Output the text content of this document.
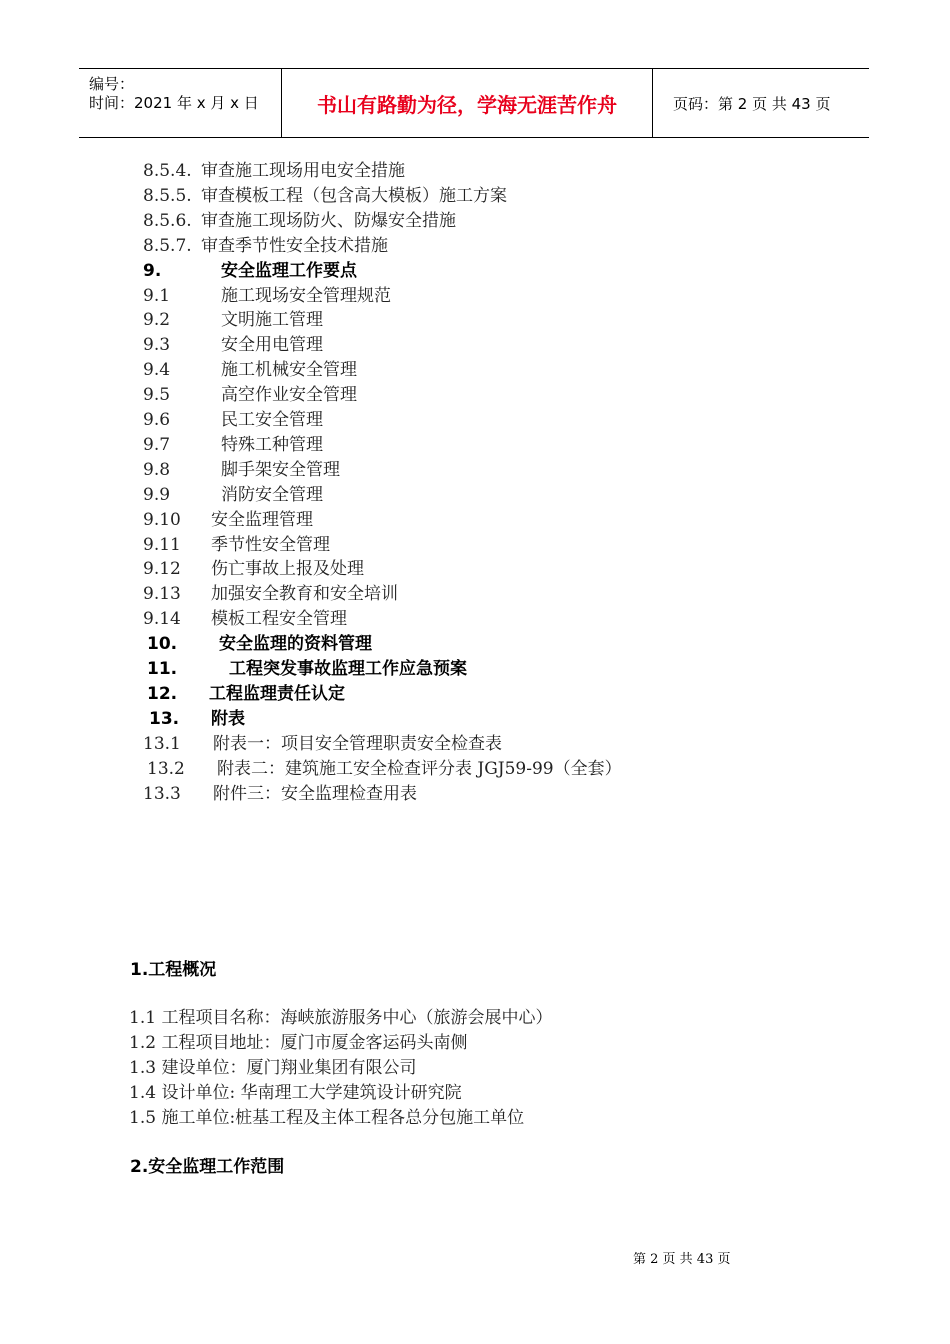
编号：
时间：2021 年 x 月 x 日	书山有路勤为径，学海无涯苦作舟	页码：第 2 页 共 43 页
8.5.4. 审查施工现场用电安全措施
8.5.5. 审查模板工程（包含高大模板）施工方案
8.5.6. 审查施工现场防火、防爆安全措施
8.5.7. 审查季节性安全技术措施
9.	安全监理工作要点
9.1	施工现场安全管理规范
9.2	文明施工管理
9.3	安全用电管理
9.4	施工机械安全管理
9.5	高空作业安全管理
9.6	民工安全管理
9.7	特殊工种管理
9.8	脚手架安全管理
9.9	消防安全管理
9.10 安全监理管理
9.11 季节性安全管理
9.12 伤亡事故上报及处理
9.13 加强安全教育和安全培训
9.14 模板工程安全管理
10. 安全监理的资料管理
11.	工程突发事故监理工作应急预案
12. 工程监理责任认定
13. 附表
13.1 附表一：项目安全管理职责安全检查表
13.2 附表二：建筑施工安全检查评分表 JGJ59-99（全套）
13.3 附件三：安全监理检查用表
1.工程概况
1.1 工程项目名称：海峡旅游服务中心（旅游会展中心）
1.2 工程项目地址：厦门市厦金客运码头南侧
1.3 建设单位：厦门翔业集团有限公司
1.4 设计单位: 华南理工大学建筑设计研究院
1.5 施工单位:桩基工程及主体工程各总分包施工单位
2.安全监理工作范围
第 2 页 共 43 页
